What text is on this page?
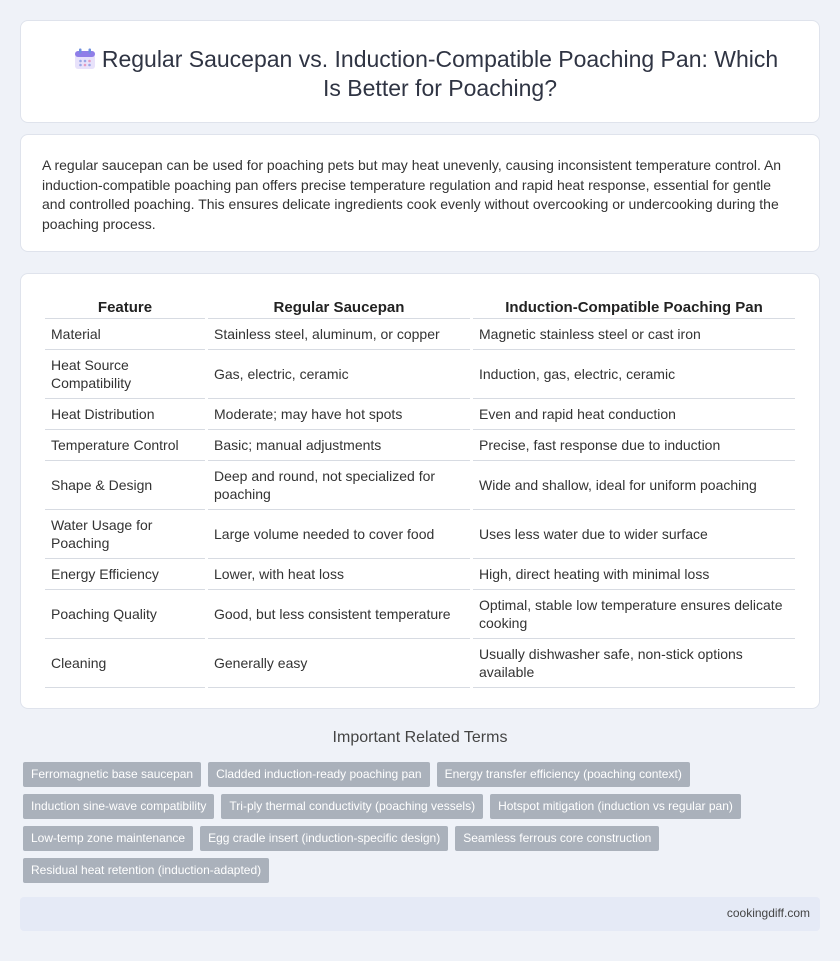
Regular Saucepan vs. Induction-Compatible Poaching Pan: Which Is Better for Poaching?

A regular saucepan can be used for poaching pets but may heat unevenly, causing inconsistent temperature control. An induction-compatible poaching pan offers precise temperature regulation and rapid heat response, essential for gentle and controlled poaching. This ensures delicate ingredients cook evenly without overcooking or undercooking during the poaching process.

Feature	Regular Saucepan	Induction-Compatible Poaching Pan
Material	Stainless steel, aluminum, or copper	Magnetic stainless steel or cast iron
Heat Source Compatibility	Gas, electric, ceramic	Induction, gas, electric, ceramic
Heat Distribution	Moderate; may have hot spots	Even and rapid heat conduction
Temperature Control	Basic; manual adjustments	Precise, fast response due to induction
Shape & Design	Deep and round, not specialized for poaching	Wide and shallow, ideal for uniform poaching
Water Usage for Poaching	Large volume needed to cover food	Uses less water due to wider surface
Energy Efficiency	Lower, with heat loss	High, direct heating with minimal loss
Poaching Quality	Good, but less consistent temperature	Optimal, stable low temperature ensures delicate cooking
Cleaning	Generally easy	Usually dishwasher safe, non-stick options available
Important Related Terms
Ferromagnetic base saucepan	Cladded induction-ready poaching pan	Energy transfer efficiency (poaching context)
Induction sine-wave compatibility	Tri-ply thermal conductivity (poaching vessels)	Hotspot mitigation (induction vs regular pan)
Low-temp zone maintenance	Egg cradle insert (induction-specific design)	Seamless ferrous core construction
Residual heat retention (induction-adapted)
cookingdiff.com
